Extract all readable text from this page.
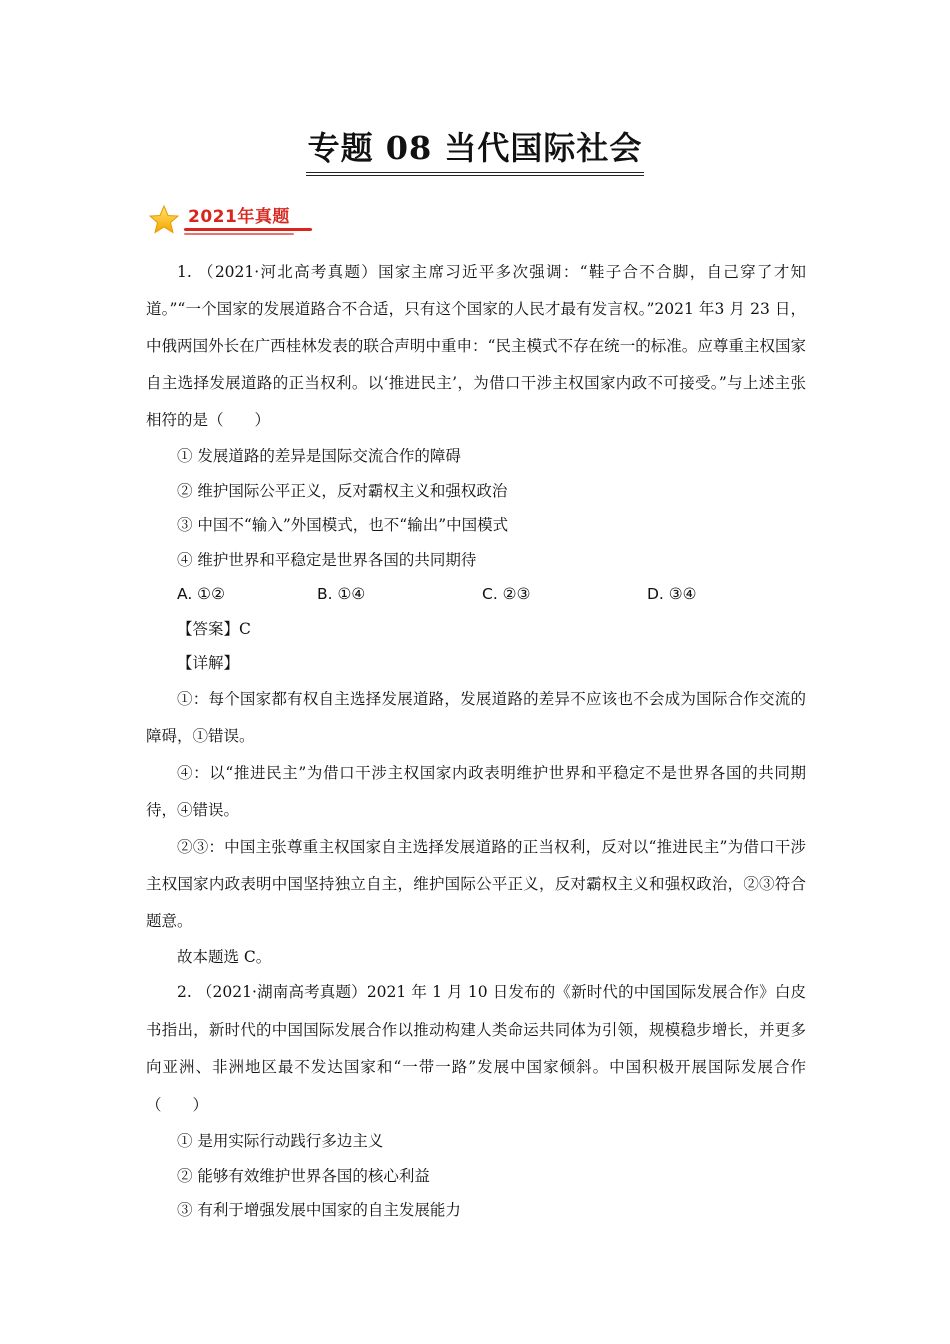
专题 08 当代国际社会
2021年真题

1. （2021·河北高考真题）国家主席习近平多次强调：“鞋子合不合脚，自己穿了才知道。”“一个国家的发展道路合不合适，只有这个国家的人民才最有发言权。”2021 年3 月 23 日，中俄两国外长在广西桂林发表的联合声明中重申：“民主模式不存在统一的标准。应尊重主权国家自主选择发展道路的正当权利。以‘推进民主’，为借口干涉主权国家内政不可接受。”与上述主张相符的是（　　）

① 发展道路的差异是国际交流合作的障碍

② 维护国际公平正义，反对霸权主义和强权政治

③ 中国不“输入”外国模式，也不“输出”中国模式

④ 维护世界和平稳定是世界各国的共同期待

A. ①②	B. ①④	C. ②③	D. ③④

【答案】C

【详解】

①：每个国家都有权自主选择发展道路，发展道路的差异不应该也不会成为国际合作交流的障碍，①错误。

④：以“推进民主”为借口干涉主权国家内政表明维护世界和平稳定不是世界各国的共同期待，④错误。

②③：中国主张尊重主权国家自主选择发展道路的正当权利，反对以“推进民主”为借口干涉主权国家内政表明中国坚持独立自主，维护国际公平正义，反对霸权主义和强权政治，②③符合题意。

故本题选 C。

2. （2021·湖南高考真题）2021 年 1 月 10 日发布的《新时代的中国国际发展合作》白皮书指出，新时代的中国国际发展合作以推动构建人类命运共同体为引领，规模稳步增长，并更多向亚洲、非洲地区最不发达国家和“一带一路”发展中国家倾斜。中国积极开展国际发展合作（　　）

① 是用实际行动践行多边主义

② 能够有效维护世界各国的核心利益

③ 有利于增强发展中国家的自主发展能力
